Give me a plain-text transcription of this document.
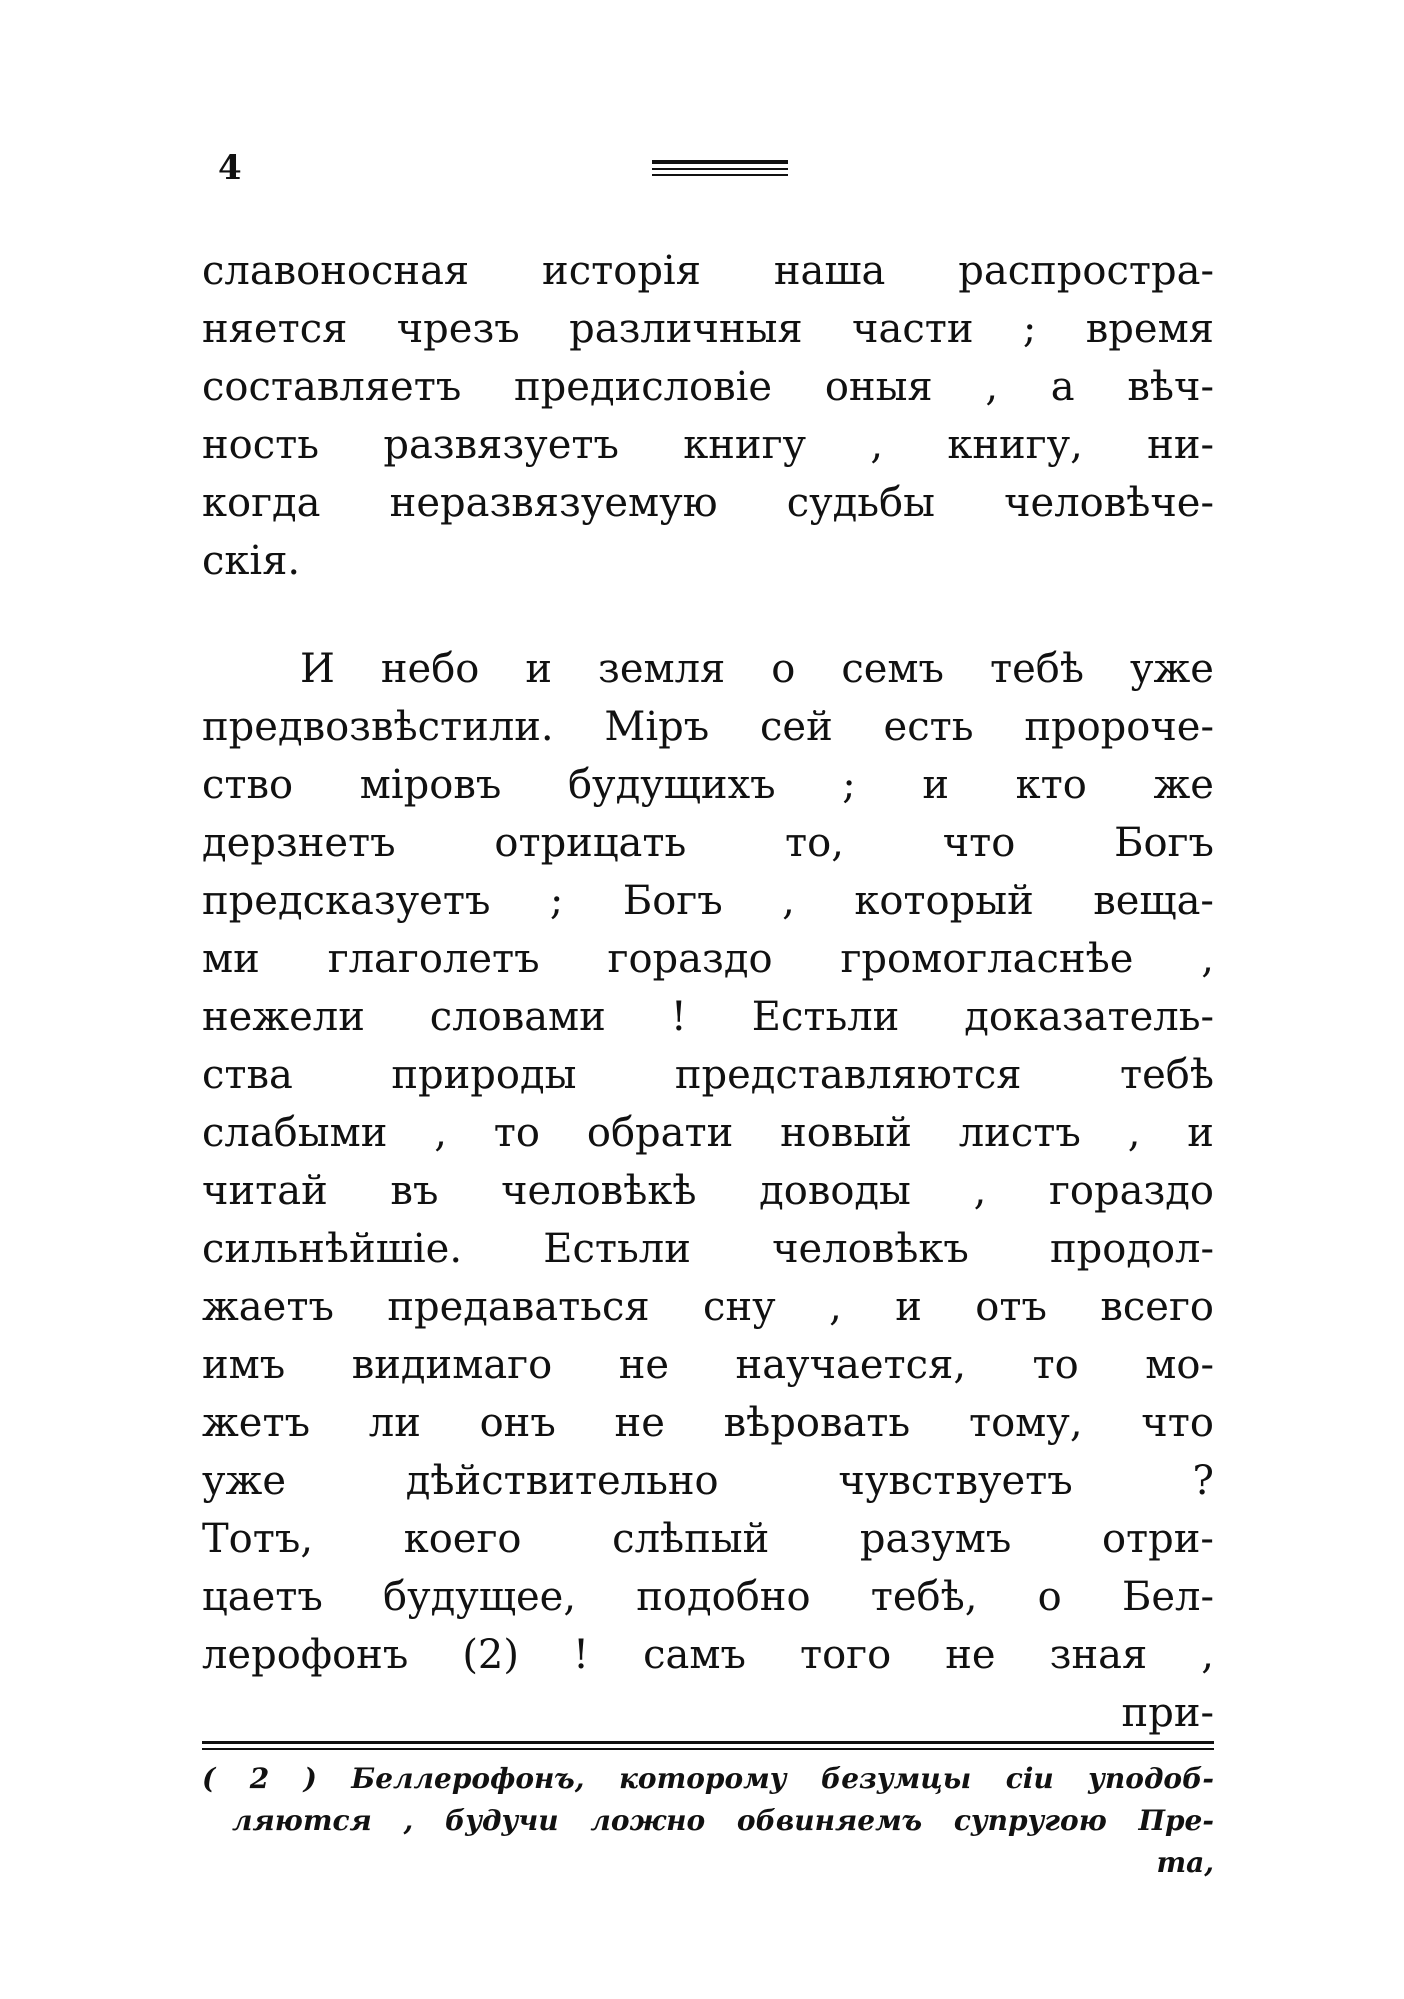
4
славоносная исторія наша распростра-
няется чрезъ различныя части ; время
составляетъ предисловіе оныя , а вѣч-
ность развязуетъ книгу , книгу, ни-
когда неразвязуемую судьбы человѣче-
скія.
И небо и земля о семъ тебѣ уже
предвозвѣстили. Міръ сей есть пророче-
ство міровъ будущихъ ; и кто же
дерзнетъ отрицать то, что Богъ
предсказуетъ ; Богъ , который веща-
ми глаголетъ гораздо громогласнѣе ,
нежели словами ! Естьли доказатель-
ства природы представляются тебѣ
слабыми , то обрати новый листъ , и
читай въ человѣкѣ доводы , гораздо
сильнѣйшіе. Естьли человѣкъ продол-
жаетъ предаваться сну , и отъ всего
имъ видимаго не научается, то мо-
жетъ ли онъ не вѣровать тому, что
уже	дѣйствительно	чувствуетъ	?
Тотъ, коего слѣпый разумъ отри-
цаетъ будущее, подобно тебѣ, о Бел-
лерофонъ (2) ! самъ того не зная ,
при-
( 2 ) Беллерофонъ, которому безумцы сіи уподоб-
ляются , будучи ложно обвиняемъ супругою Пре-
та,
